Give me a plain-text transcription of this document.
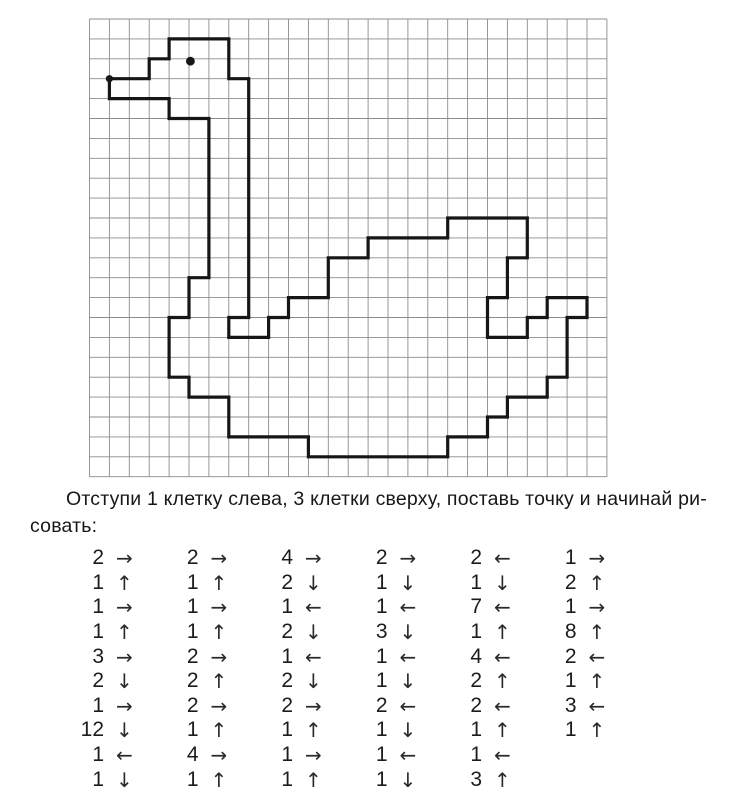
Отступи 1 клетку слева, 3 клетки сверху, поставь точку и начинай ри-
совать:
2 →	2 →	4 →	2 →	2 ←	1 →
1 ↑	1 ↑	2 ↓	1 ↓	1 ↓	2 ↑
1 →	1 →	1 ←	1 ←	7 ←	1 →
1 ↑	1 ↑	2 ↓	3 ↓	1 ↑	8 ↑
3 →	2 →	1 ←	1 ←	4 ←	2 ←
2 ↓	2 ↑	2 ↓	1 ↓	2 ↑	1 ↑
1 →	2 →	2 →	2 ←	2 ←	3 ←
12 ↓	1 ↑	1 ↑	1 ↓	1 ↑	1 ↑
1 ←	4 →	1 →	1 ←	1 ←
1 ↓	1 ↑	1 ↑	1 ↓	3 ↑
